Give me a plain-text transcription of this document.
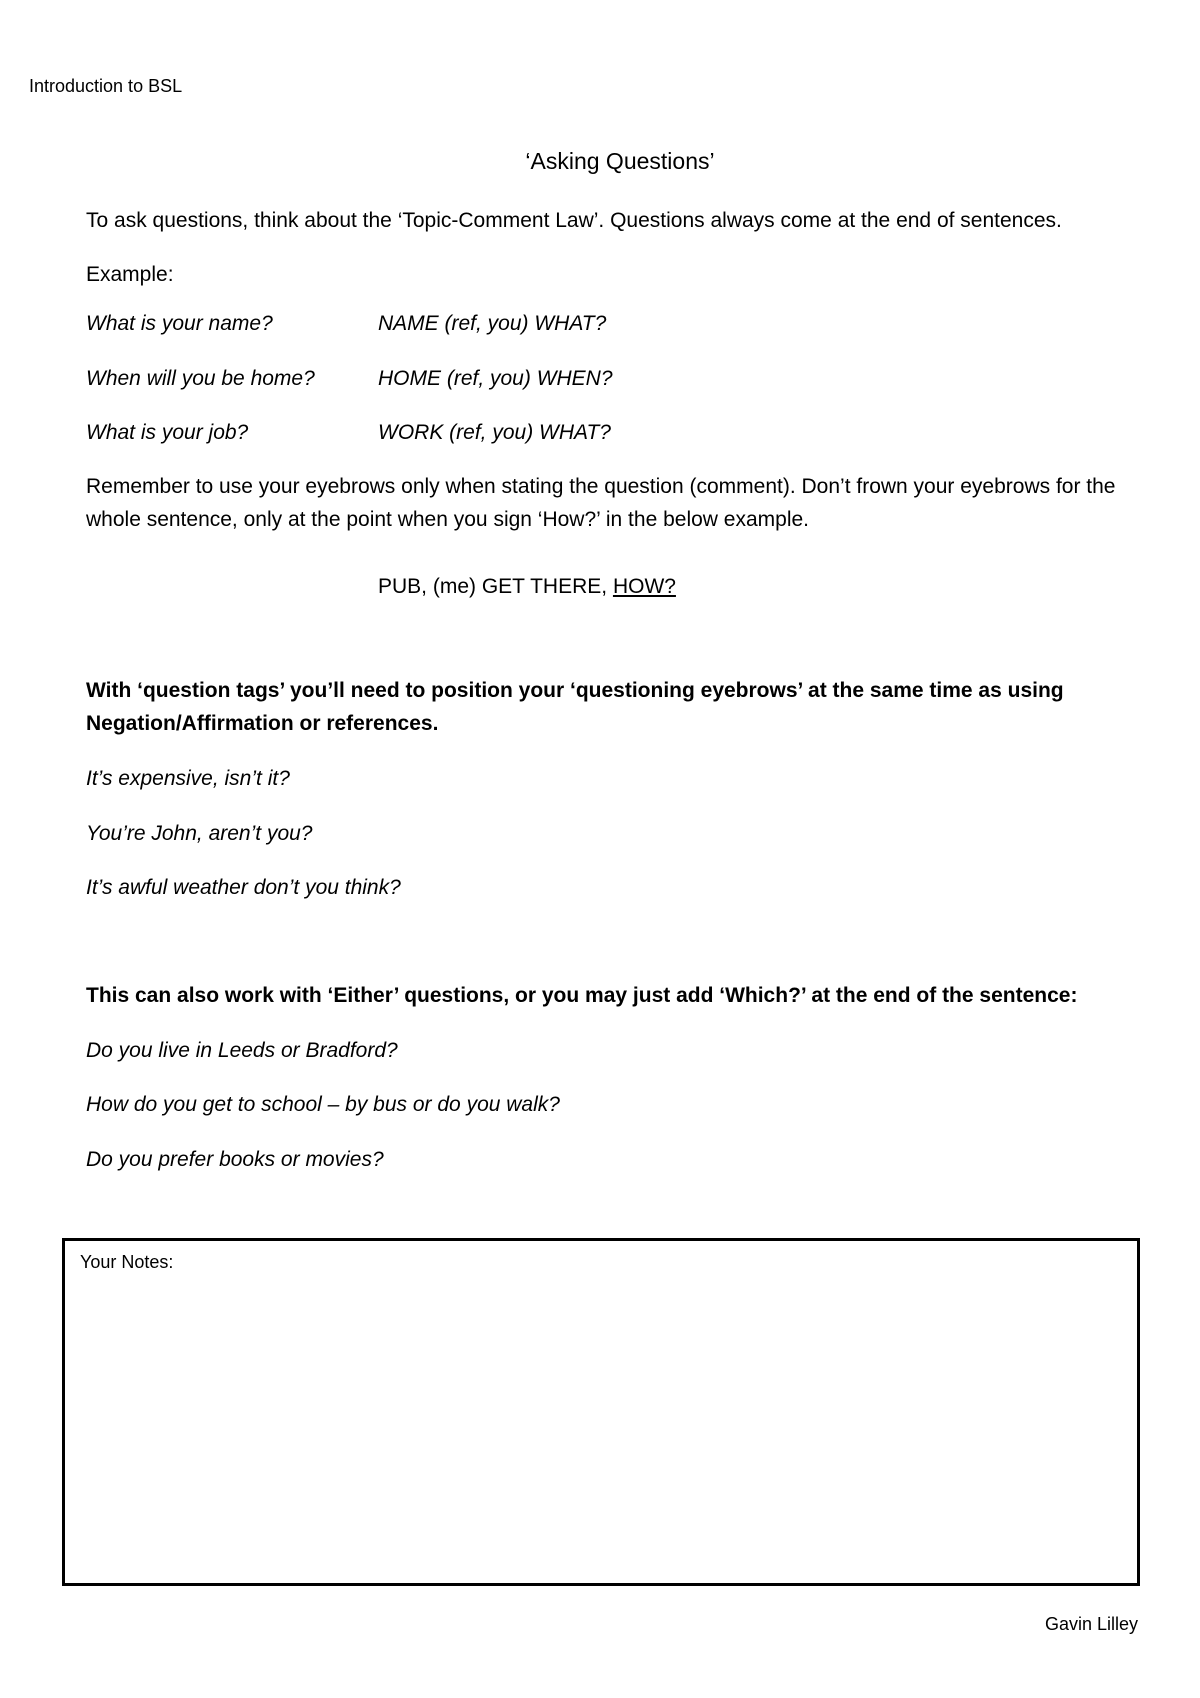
Introduction to BSL
‘Asking Questions’
To ask questions, think about the ‘Topic-Comment Law’. Questions always come at the end of sentences.
Example:
What is your name?	NAME (ref, you) WHAT?
When will you be home?	HOME (ref, you) WHEN?
What is your job?	WORK (ref, you) WHAT?
Remember to use your eyebrows only when stating the question (comment). Don’t frown your eyebrows for the whole sentence, only at the point when you sign ‘How?’ in the below example.
PUB, (me) GET THERE, HOW?
With ‘question tags’ you’ll need to position your ‘questioning eyebrows’ at the same time as using Negation/Affirmation or references.
It’s expensive, isn’t it?
You’re John, aren’t you?
It’s awful weather don’t you think?
This can also work with ‘Either’ questions, or you may just add ‘Which?’ at the end of the sentence:
Do you live in Leeds or Bradford?
How do you get to school – by bus or do you walk?
Do you prefer books or movies?
Your Notes:
Gavin Lilley
